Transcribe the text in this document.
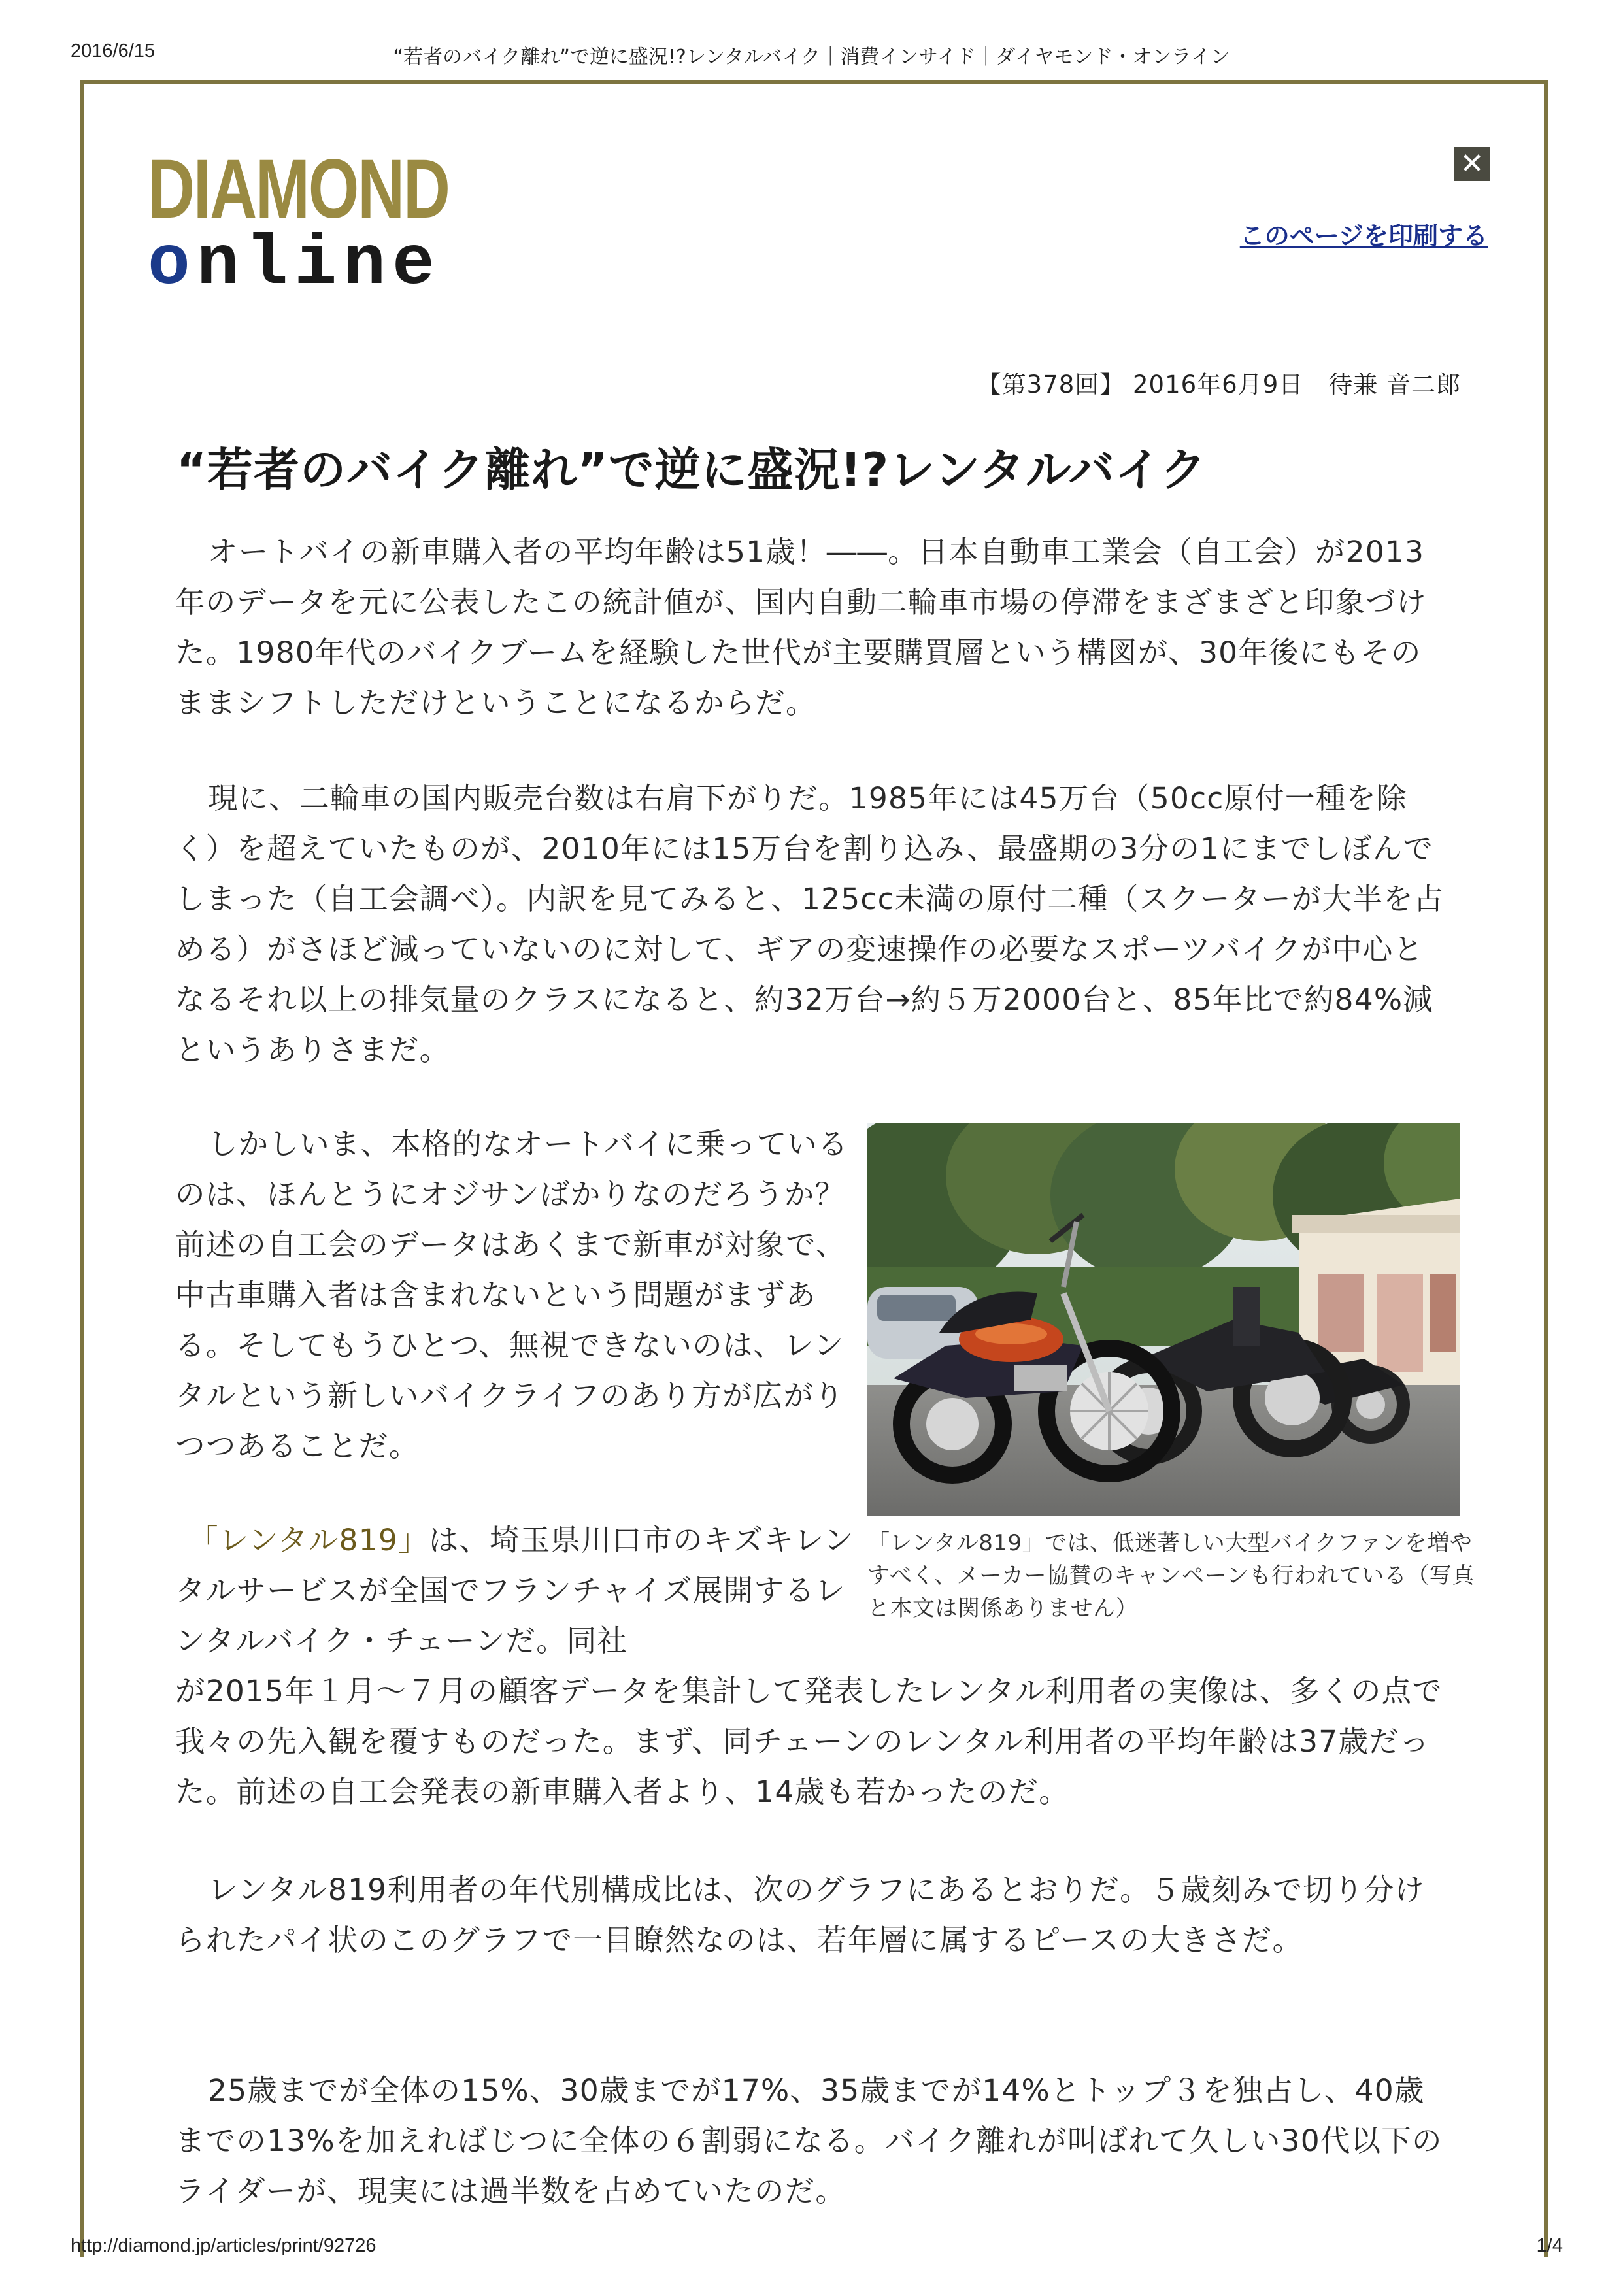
2016/6/15	“若者のバイク離れ”で逆に盛況!?レンタルバイク｜消費インサイド｜ダイヤモンド・オンライン
DIAMOND
online
✕
このページを印刷する
【第378回】 2016年6月9日　待兼 音二郎
“若者のバイク離れ”で逆に盛況!?レンタルバイク

オートバイの新車購入者の平均年齢は51歳！――。日本自動車工業会（自工会）が2013年のデータを元に公表したこの統計値が、国内自動二輪車市場の停滞をまざまざと印象づけた。1980年代のバイクブームを経験した世代が主要購買層という構図が、30年後にもそのままシフトしただけということになるからだ。

現に、二輪車の国内販売台数は右肩下がりだ。1985年には45万台（50cc原付一種を除く）を超えていたものが、2010年には15万台を割り込み、最盛期の3分の1にまでしぼんでしまった（自工会調べ）。内訳を見てみると、125cc未満の原付二種（スクーターが大半を占める）がさほど減っていないのに対して、ギアの変速操作の必要なスポーツバイクが中心となるそれ以上の排気量のクラスになると、約32万台→約５万2000台と、85年比で約84%減というありさまだ。

しかしいま、本格的なオートバイに乗っているのは、ほんとうにオジサンばかりなのだろうか？前述の自工会のデータはあくまで新車が対象で、中古車購入者は含まれないという問題がまずある。そしてもうひとつ、無視できないのは、レンタルという新しいバイクライフのあり方が広がりつつあることだ。

「レンタル819」は、埼玉県川口市のキズキレンタルサービスが全国でフランチャイズ展開するレンタルバイク・チェーンだ。同社

が2015年１月～７月の顧客データを集計して発表したレンタル利用者の実像は、多くの点で我々の先入観を覆すものだった。まず、同チェーンのレンタル利用者の平均年齢は37歳だった。前述の自工会発表の新車購入者より、14歳も若かったのだ。

レンタル819利用者の年代別構成比は、次のグラフにあるとおりだ。５歳刻みで切り分けられたパイ状のこのグラフで一目瞭然なのは、若年層に属するピースの大きさだ。

25歳までが全体の15%、30歳までが17%、35歳までが14%とトップ３を独占し、40歳までの13%を加えればじつに全体の６割弱になる。バイク離れが叫ばれて久しい30代以下のライダーが、現実には過半数を占めていたのだ。

「レンタル819」では、低迷著しい大型バイクファンを増やすべく、メーカー協賛のキャンペーンも行われている（写真と本文は関係ありません）
http://diamond.jp/articles/print/92726	1/4
